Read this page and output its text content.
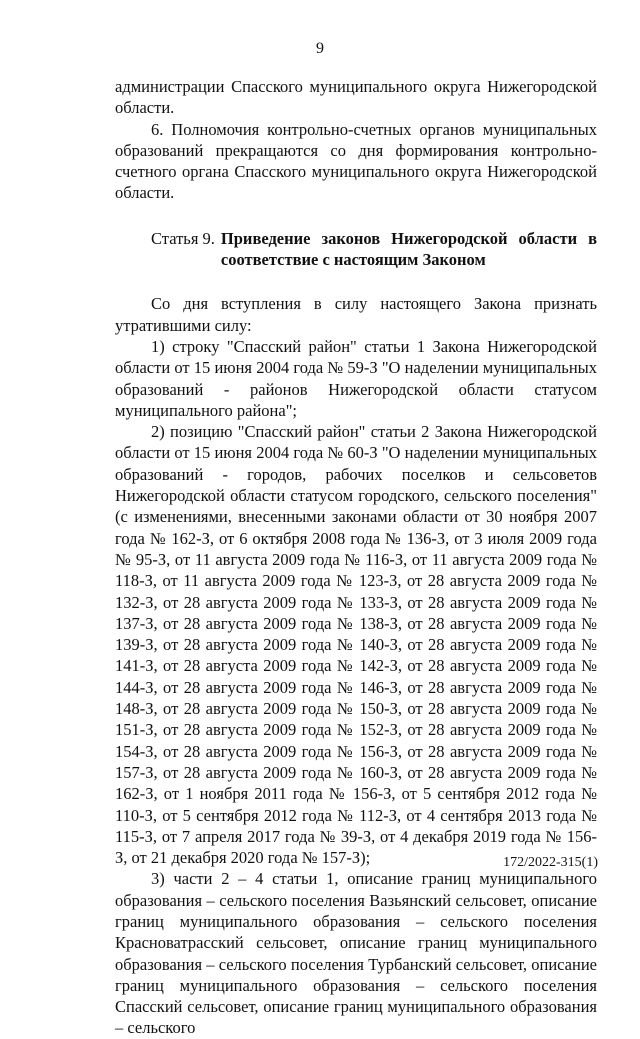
9

администрации Спасского муниципального округа Нижегородской области.

6. Полномочия контрольно-счетных органов муниципальных образований прекращаются со дня формирования контрольно-счетного органа Спасского муниципального округа Нижегородской области.

Статья 9. Приведение законов Нижегородской области в соответствие с настоящим Законом

Со дня вступления в силу настоящего Закона признать утратившими силу:

1) строку "Спасский район" статьи 1 Закона Нижегородской области от 15 июня 2004 года № 59-З "О наделении муниципальных образований - районов Нижегородской области статусом муниципального района";

2) позицию "Спасский район" статьи 2 Закона Нижегородской области от 15 июня 2004 года № 60-З "О наделении муниципальных образований - городов, рабочих поселков и сельсоветов Нижегородской области статусом городского, сельского поселения" (с изменениями, внесенными законами области от 30 ноября 2007 года № 162-З, от 6 октября 2008 года № 136-З, от 3 июля 2009 года № 95-З, от 11 августа 2009 года № 116-З, от 11 августа 2009 года № 118-З, от 11 августа 2009 года № 123-З, от 28 августа 2009 года № 132-З, от 28 августа 2009 года № 133-З, от 28 августа 2009 года № 137-З, от 28 августа 2009 года № 138-З, от 28 августа 2009 года № 139-З, от 28 августа 2009 года № 140-З, от 28 августа 2009 года № 141-З, от 28 августа 2009 года № 142-З, от 28 августа 2009 года № 144-З, от 28 августа 2009 года № 146-З, от 28 августа 2009 года № 148-З, от 28 августа 2009 года № 150-З, от 28 августа 2009 года № 151-З, от 28 августа 2009 года № 152-З, от 28 августа 2009 года № 154-З, от 28 августа 2009 года № 156-З, от 28 августа 2009 года № 157-З, от 28 августа 2009 года № 160-З, от 28 августа 2009 года № 162-З, от 1 ноября 2011 года № 156-З, от 5 сентября 2012 года № 110-З, от 5 сентября 2012 года № 112-З, от 4 сентября 2013 года № 115-З, от 7 апреля 2017 года № 39-З, от 4 декабря 2019 года № 156-З, от 21 декабря 2020 года № 157-З);

3) части 2 – 4 статьи 1, описание границ муниципального образования – сельского поселения Вазьянский сельсовет, описание границ муниципального образования – сельского поселения Красноватрасский сельсовет, описание границ муниципального образования – сельского поселения Турбанский сельсовет, описание границ муниципального образования – сельского поселения Спасский сельсовет, описание границ муниципального образования – сельского

172/2022-315(1)
